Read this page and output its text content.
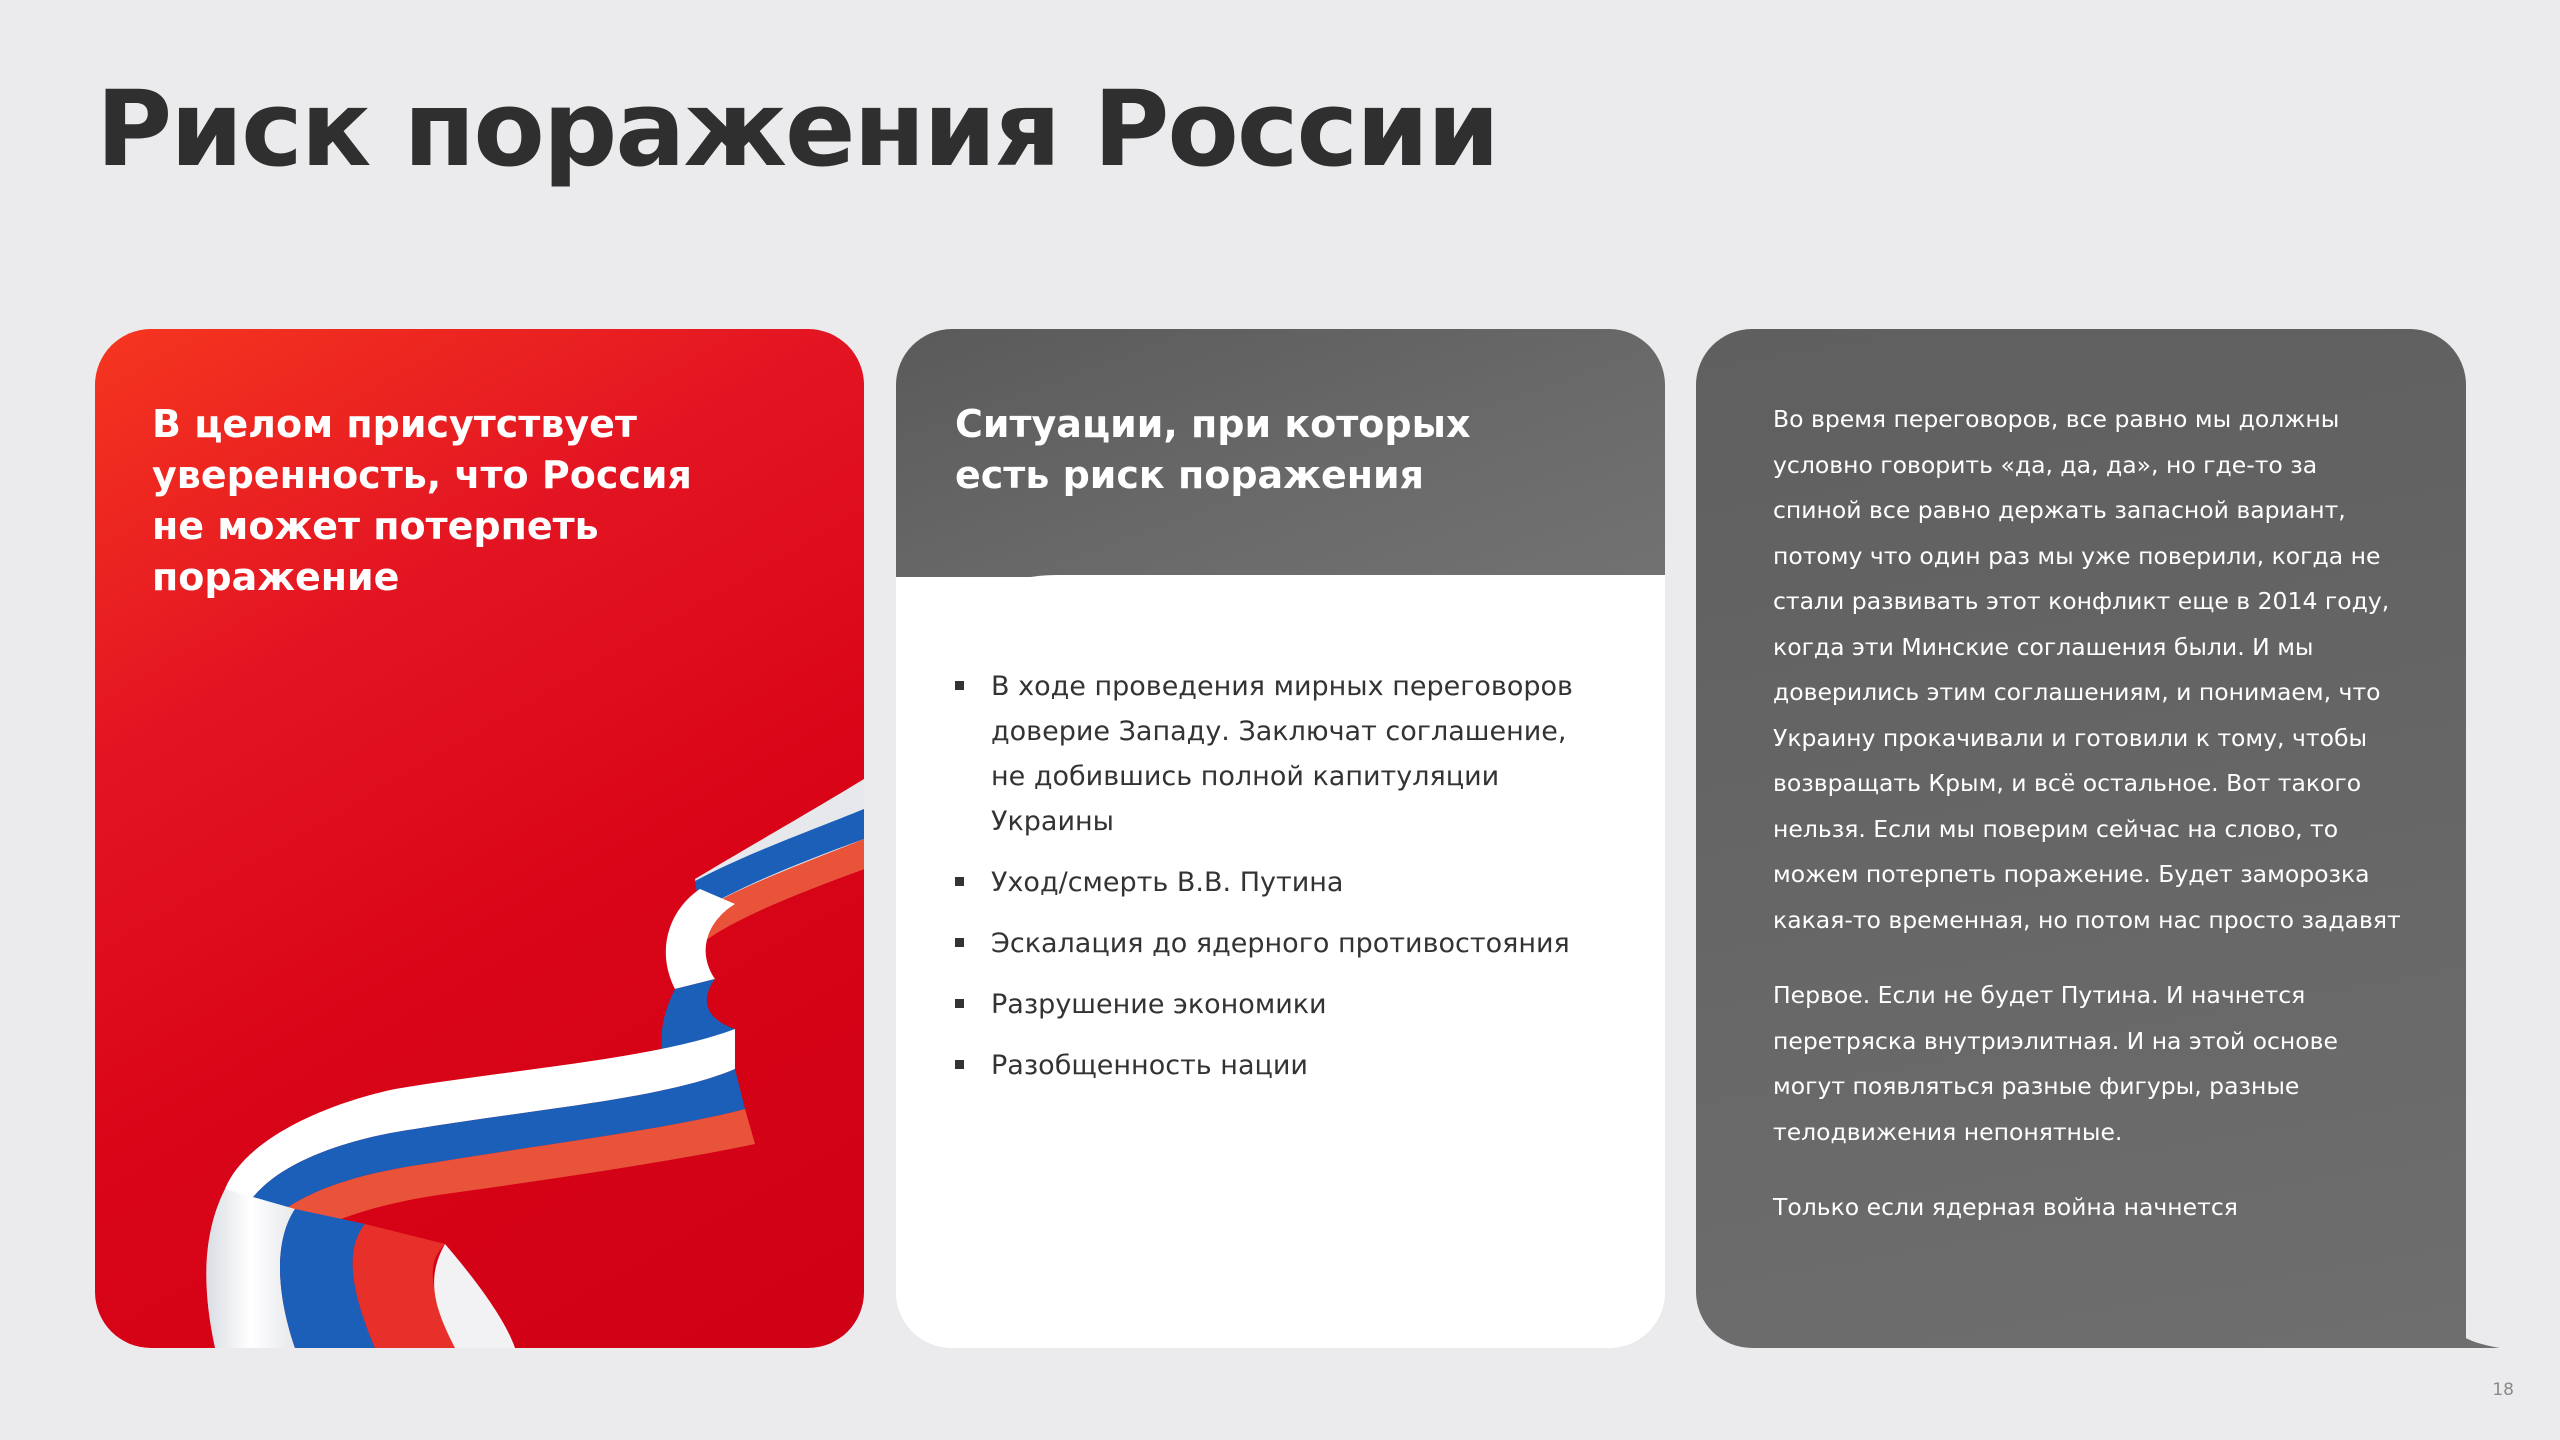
Риск поражения России
В целом присутствует уверенность, что Россия не может потерпеть поражение
Ситуации, при которых есть риск поражения
В ходе проведения мирных переговоров доверие Западу. Заключат соглашение, не добившись полной капитуляции Украины
Уход/смерть В.В. Путина
Эскалация до ядерного противостояния
Разрушение экономики
Разобщенность нации

Во время переговоров, все равно мы должны условно говорить «да, да, да», но где-то за спиной все равно держать запасной вариант, потому что один раз мы уже поверили, когда не стали развивать этот конфликт еще в 2014 году, когда эти Минские соглашения были. И мы доверились этим соглашениям, и понимаем, что Украину прокачивали и готовили к тому, чтобы возвращать Крым, и всё остальное. Вот такого нельзя. Если мы поверим сейчас на слово, то можем потерпеть поражение. Будет заморозка какая-то временная, но потом нас просто задавят

Первое. Если не будет Путина. И начнется перетряска внутриэлитная. И на этой основе могут появляться разные фигуры, разные телодвижения непонятные.

Только если ядерная война начнется

18
